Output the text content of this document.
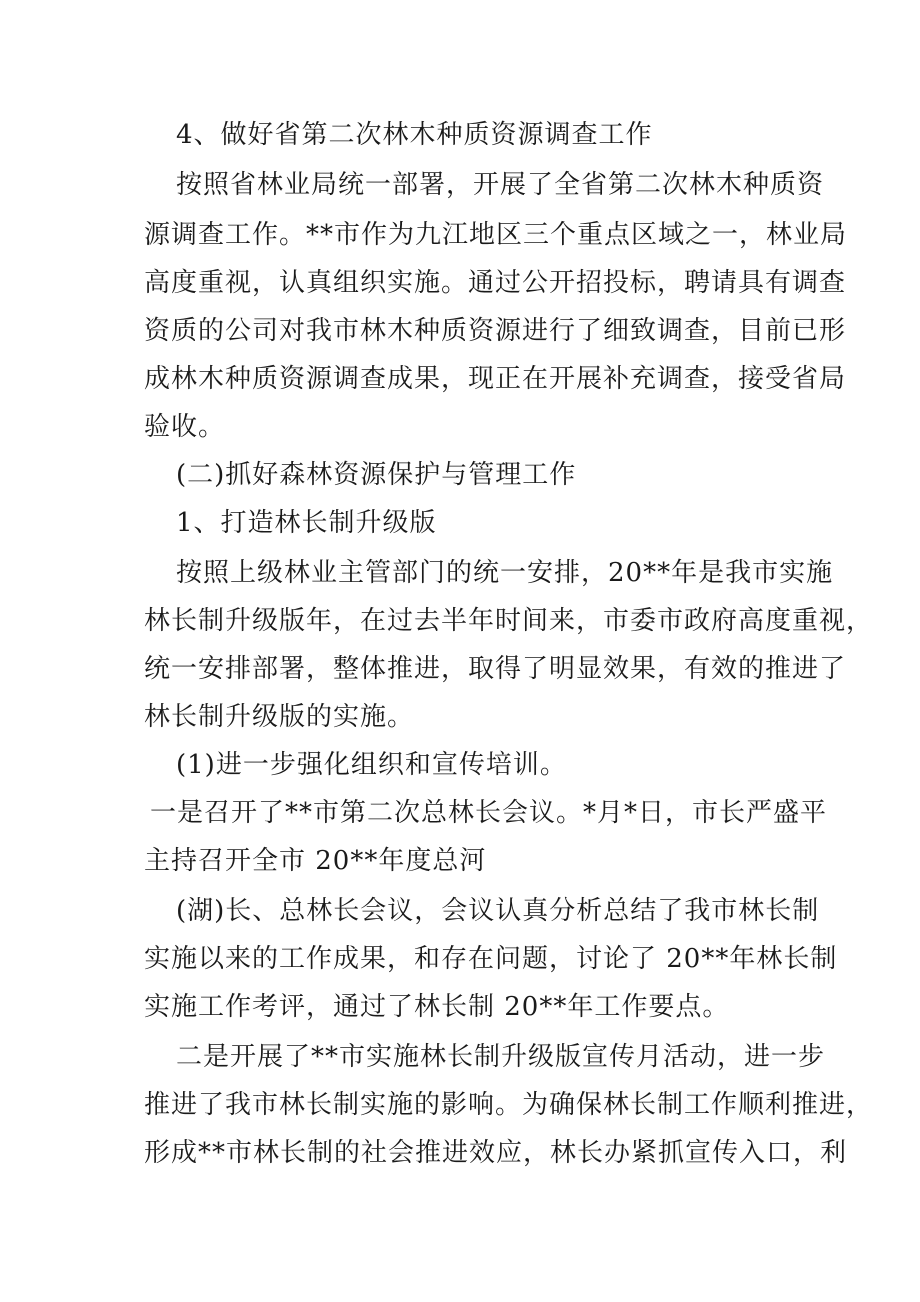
4、做好省第二次林木种质资源调查工作
按照省林业局统一部署，开展了全省第二次林木种质资
源调查工作。**市作为九江地区三个重点区域之一，林业局
高度重视，认真组织实施。通过公开招投标，聘请具有调查
资质的公司对我市林木种质资源进行了细致调查，目前已形
成林木种质资源调查成果，现正在开展补充调查，接受省局
验收。
(二)抓好森林资源保护与管理工作
1、打造林长制升级版
按照上级林业主管部门的统一安排，20**年是我市实施
林长制升级版年，在过去半年时间来，市委市政府高度重视，
统一安排部署，整体推进，取得了明显效果，有效的推进了
林长制升级版的实施。
(1)进一步强化组织和宣传培训。
一是召开了**市第二次总林长会议。*月*日，市长严盛平
主持召开全市 20**年度总河
(湖)长、总林长会议，会议认真分析总结了我市林长制
实施以来的工作成果，和存在问题，讨论了 20**年林长制
实施工作考评，通过了林长制 20**年工作要点。
二是开展了**市实施林长制升级版宣传月活动，进一步
推进了我市林长制实施的影响。为确保林长制工作顺利推进，
形成**市林长制的社会推进效应，林长办紧抓宣传入口，利
